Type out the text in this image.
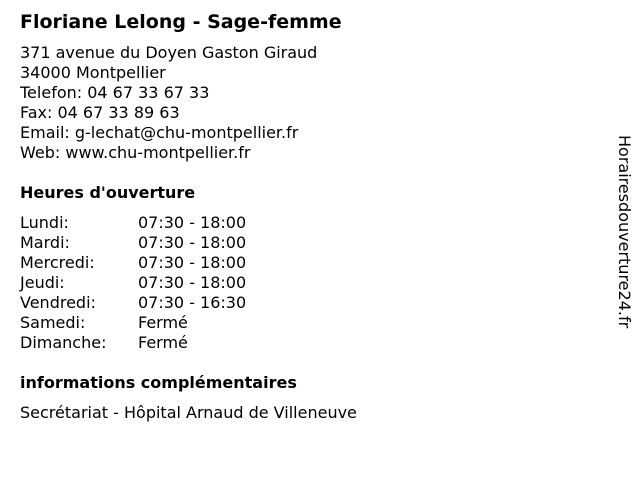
Floriane Lelong - Sage-femme
371 avenue du Doyen Gaston Giraud
34000 Montpellier
Telefon: 04 67 33 67 33
Fax: 04 67 33 89 63
Email: g-lechat@chu-montpellier.fr
Web: www.chu-montpellier.fr
Heures d'ouverture
Lundi:	07:30 - 18:00
Mardi:	07:30 - 18:00
Mercredi:	07:30 - 18:00
Jeudi:	07:30 - 18:00
Vendredi:	07:30 - 16:30
Samedi:	Fermé
Dimanche: Fermé
informations complémentaires
Secrétariat - Hôpital Arnaud de Villeneuve
Horairesdouverture24.fr
